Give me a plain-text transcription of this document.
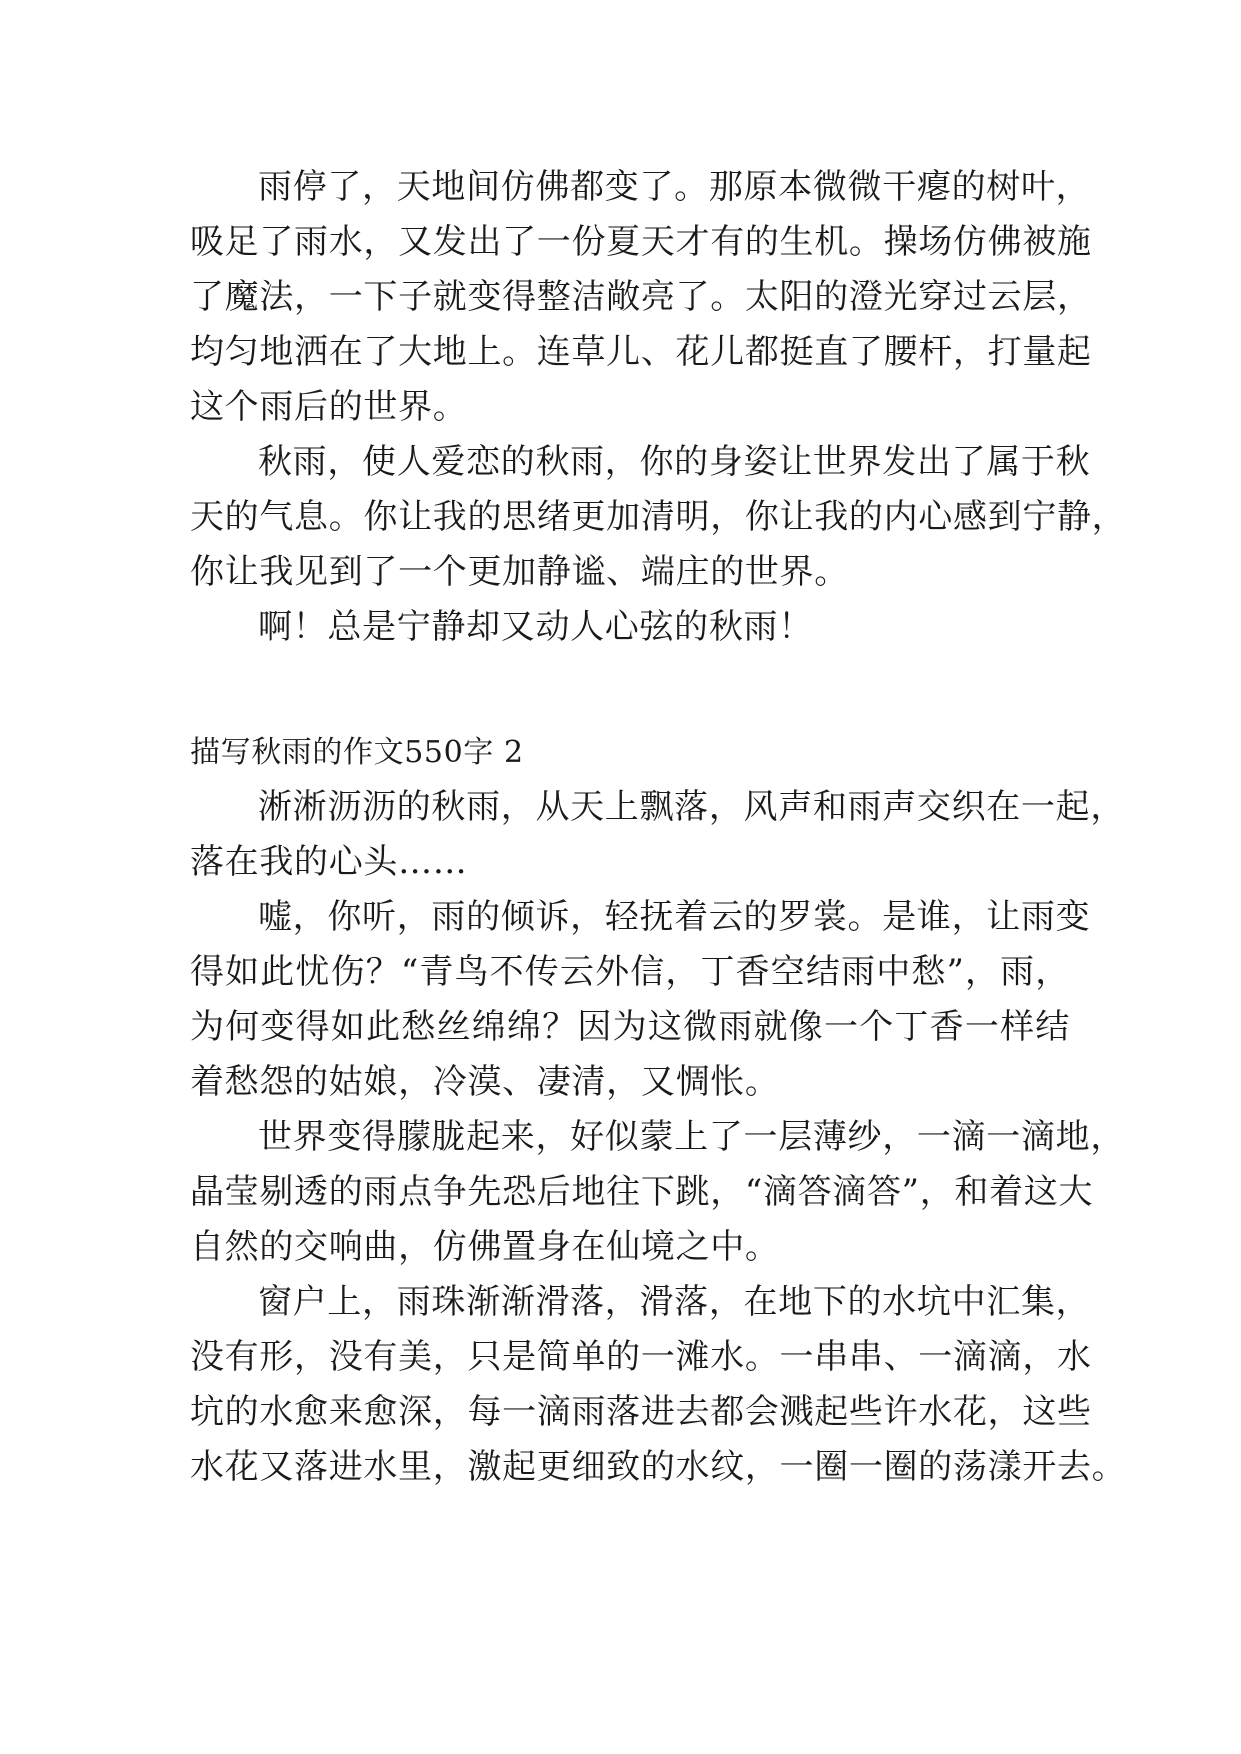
雨停了，天地间仿佛都变了。那原本微微干瘪的树叶，
吸足了雨水，又发出了一份夏天才有的生机。操场仿佛被施
了魔法，一下子就变得整洁敞亮了。太阳的澄光穿过云层，
均匀地洒在了大地上。连草儿、花儿都挺直了腰杆，打量起
这个雨后的世界。
秋雨，使人爱恋的秋雨，你的身姿让世界发出了属于秋
天的气息。你让我的思绪更加清明，你让我的内心感到宁静，
你让我见到了一个更加静谧、端庄的世界。
啊！总是宁静却又动人心弦的秋雨！
描写秋雨的作文550字 2
淅淅沥沥的秋雨，从天上飘落，风声和雨声交织在一起，
落在我的心头……
嘘，你听，雨的倾诉，轻抚着云的罗裳。是谁，让雨变
得如此忧伤？“青鸟不传云外信，丁香空结雨中愁”，雨，
为何变得如此愁丝绵绵？因为这微雨就像一个丁香一样结
着愁怨的姑娘，冷漠、凄清，又惆怅。
世界变得朦胧起来，好似蒙上了一层薄纱，一滴一滴地，
晶莹剔透的雨点争先恐后地往下跳，“滴答滴答”，和着这大
自然的交响曲，仿佛置身在仙境之中。
窗户上，雨珠渐渐滑落，滑落，在地下的水坑中汇集，
没有形，没有美，只是简单的一滩水。一串串、一滴滴，水
坑的水愈来愈深，每一滴雨落进去都会溅起些许水花，这些
水花又落进水里，激起更细致的水纹，一圈一圈的荡漾开去。
